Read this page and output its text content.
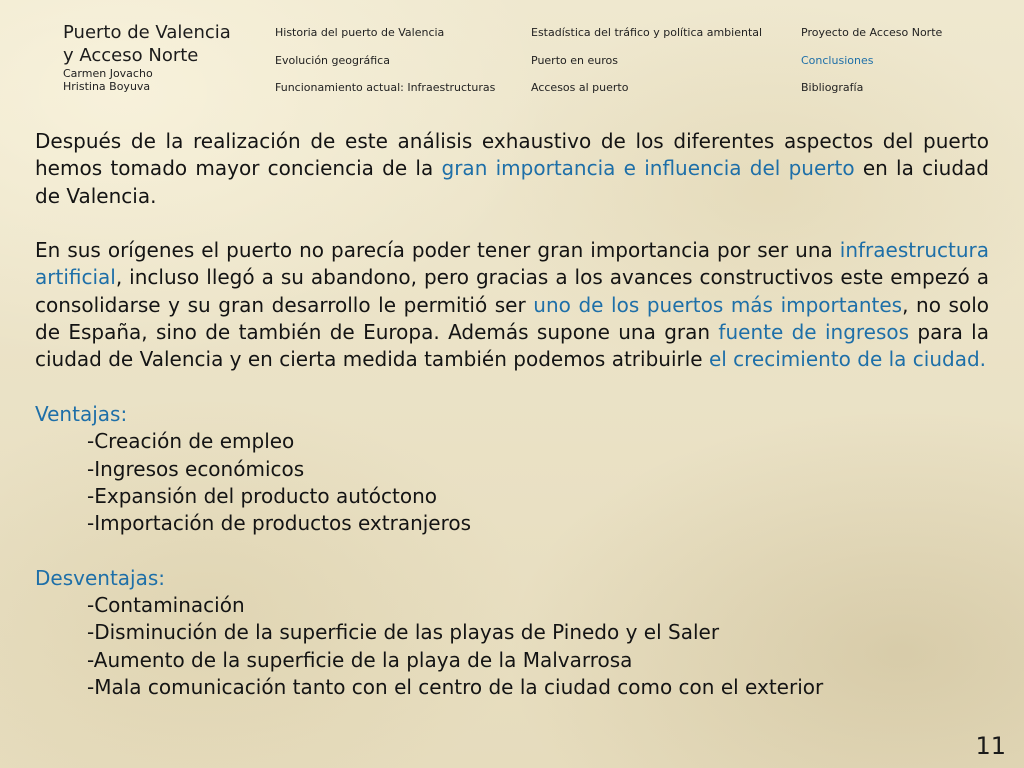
Puerto de Valencia
y Acceso Norte
Carmen Jovacho
Hristina Boyuva
Historia del puerto de Valencia
Evolución geográfica
Funcionamiento actual: Infraestructuras
Estadística del tráfico y política ambiental
Puerto en euros
Accesos al puerto
Proyecto de Acceso Norte
Conclusiones
Bibliografía

Después de la realización de este análisis exhaustivo de los diferentes aspectos del puerto hemos tomado mayor conciencia de la gran importancia e influencia del puerto en la ciudad de Valencia.

En sus orígenes el puerto no parecía poder tener gran importancia por ser una infraestructura artificial, incluso llegó a su abandono, pero gracias a los avances constructivos este empezó a consolidarse y su gran desarrollo le permitió ser uno de los puertos más importantes, no solo de España, sino de también de Europa. Además supone una gran fuente de ingresos para la ciudad de Valencia y en cierta medida también podemos atribuirle el crecimiento de la ciudad.

Ventajas:
-Creación de empleo
-Ingresos económicos
-Expansión del producto autóctono
-Importación de productos extranjeros
Desventajas:
-Contaminación
-Disminución de la superficie de las playas de Pinedo y el Saler
-Aumento de la superficie de la playa de la Malvarrosa
-Mala comunicación tanto con el centro de la ciudad como con el exterior
11
